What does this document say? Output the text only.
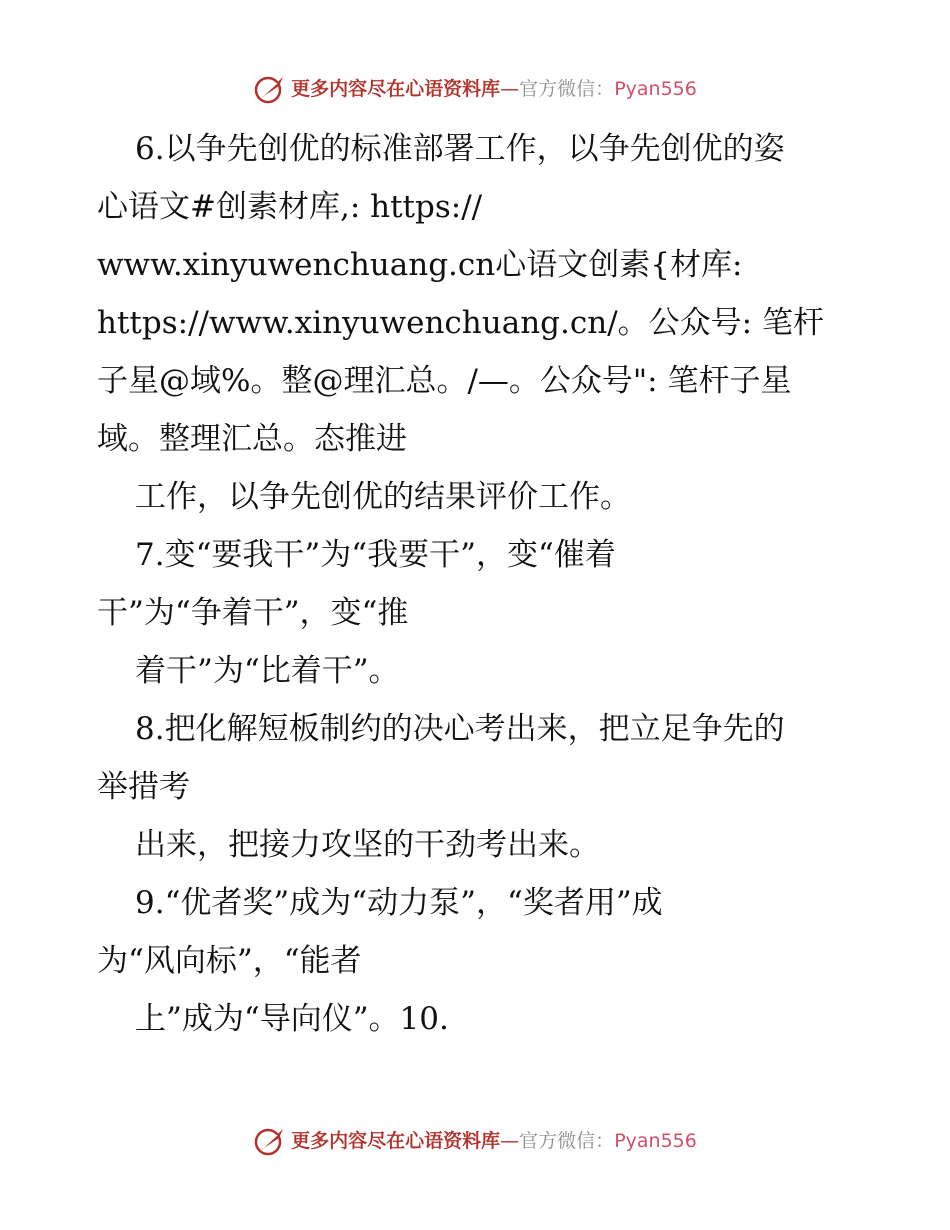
更多内容尽在心语资料库 — 官方微信： Pyan556
6.以争先创优的标准部署工作，以争先创优的姿
心语文#创素材库,: https://
www.xinyuwenchuang.cn心语文创素{材库:
https://www.xinyuwenchuang.cn/。公众号: 笔杆
子星@域%。整@理汇总。/—。公众号": 笔杆子星
域。整理汇总。态推进
工作，以争先创优的结果评价工作。
7.变“要我干”为“我要干”，变“催着
干”为“争着干”，变“推
着干”为“比着干”。
8.把化解短板制约的决心考出来，把立足争先的
举措考
出来，把接力攻坚的干劲考出来。
9.“优者奖”成为“动力泵”，“奖者用”成
为“风向标”，“能者
上”成为“导向仪”。10.
更多内容尽在心语资料库 — 官方微信： Pyan556
